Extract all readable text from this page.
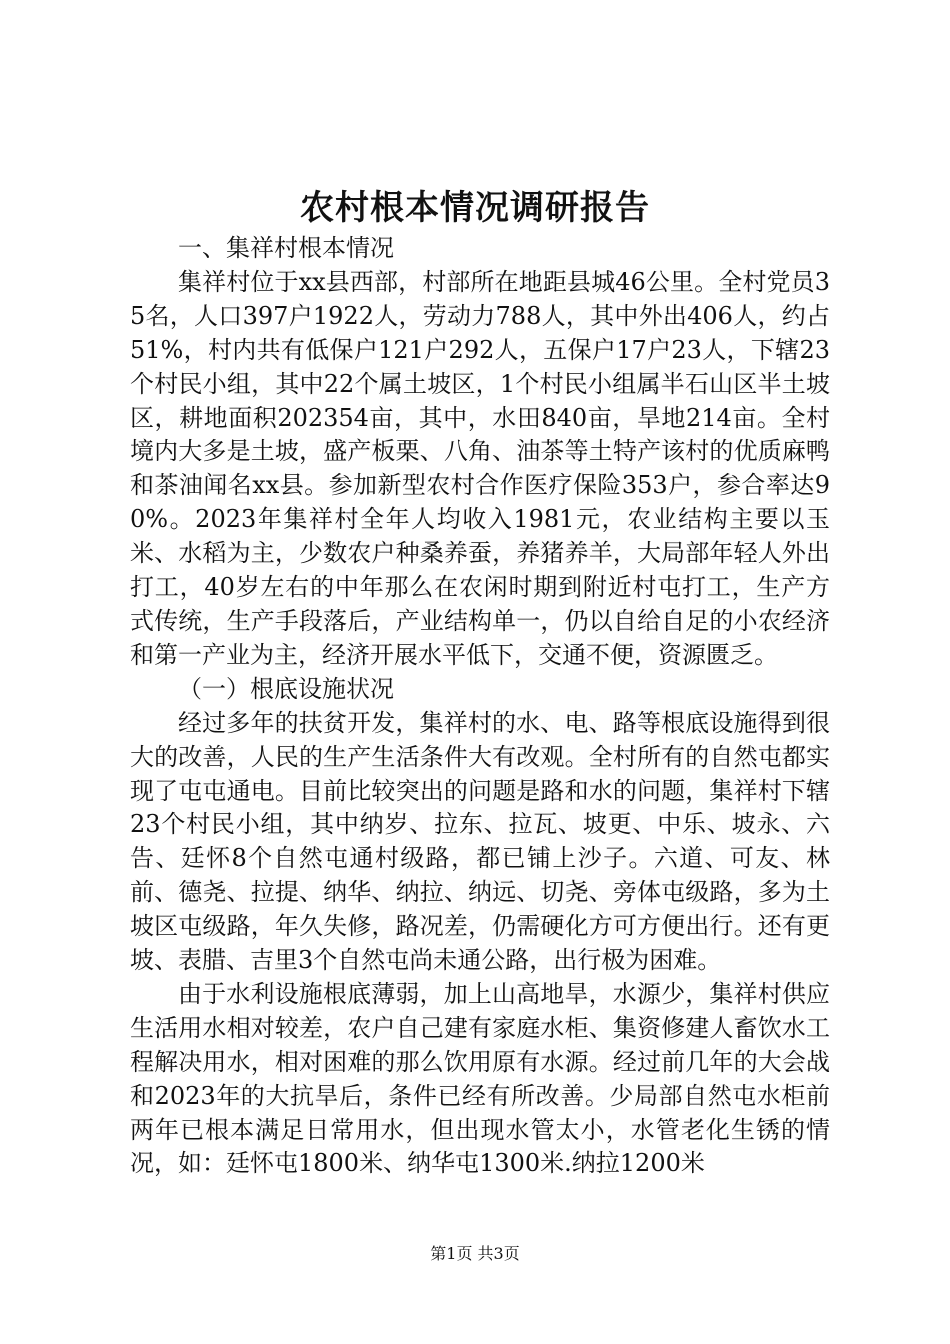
农村根本情况调研报告

一、集祥村根本情况

集祥村位于xx县西部，村部所在地距县城46公里。全村党员35名，人口397户1922人，劳动力788人，其中外出406人，约占51%，村内共有低保户121户292人，五保户17户23人，下辖23个村民小组，其中22个属土坡区，1个村民小组属半石山区半土坡区，耕地面积202354亩，其中，水田840亩，旱地214亩。全村境内大多是土坡，盛产板栗、八角、油茶等土特产该村的优质麻鸭和茶油闻名xx县。参加新型农村合作医疗保险353户，参合率达90%。2023年集祥村全年人均收入1981元，农业结构主要以玉米、水稻为主，少数农户种桑养蚕，养猪养羊，大局部年轻人外出打工，40岁左右的中年那么在农闲时期到附近村屯打工，生产方式传统，生产手段落后，产业结构单一，仍以自给自足的小农经济和第一产业为主，经济开展水平低下，交通不便，资源匮乏。

（一）根底设施状况

经过多年的扶贫开发，集祥村的水、电、路等根底设施得到很大的改善，人民的生产生活条件大有改观。全村所有的自然屯都实现了屯屯通电。目前比较突出的问题是路和水的问题，集祥村下辖23个村民小组，其中纳岁、拉东、拉瓦、坡更、中乐、坡永、六告、廷怀8个自然屯通村级路，都已铺上沙子。六道、可友、林前、德尧、拉提、纳华、纳拉、纳远、切尧、旁体屯级路，多为土坡区屯级路，年久失修，路况差，仍需硬化方可方便出行。还有更坡、表腊、吉里3个自然屯尚未通公路，出行极为困难。

由于水利设施根底薄弱，加上山高地旱，水源少，集祥村供应生活用水相对较差，农户自己建有家庭水柜、集资修建人畜饮水工程解决用水，相对困难的那么饮用原有水源。经过前几年的大会战和2023年的大抗旱后，条件已经有所改善。少局部自然屯水柜前两年已根本满足日常用水，但出现水管太小，水管老化生锈的情况，如：廷怀屯1800米、纳华屯1300米.纳拉1200米

第1页 共3页
